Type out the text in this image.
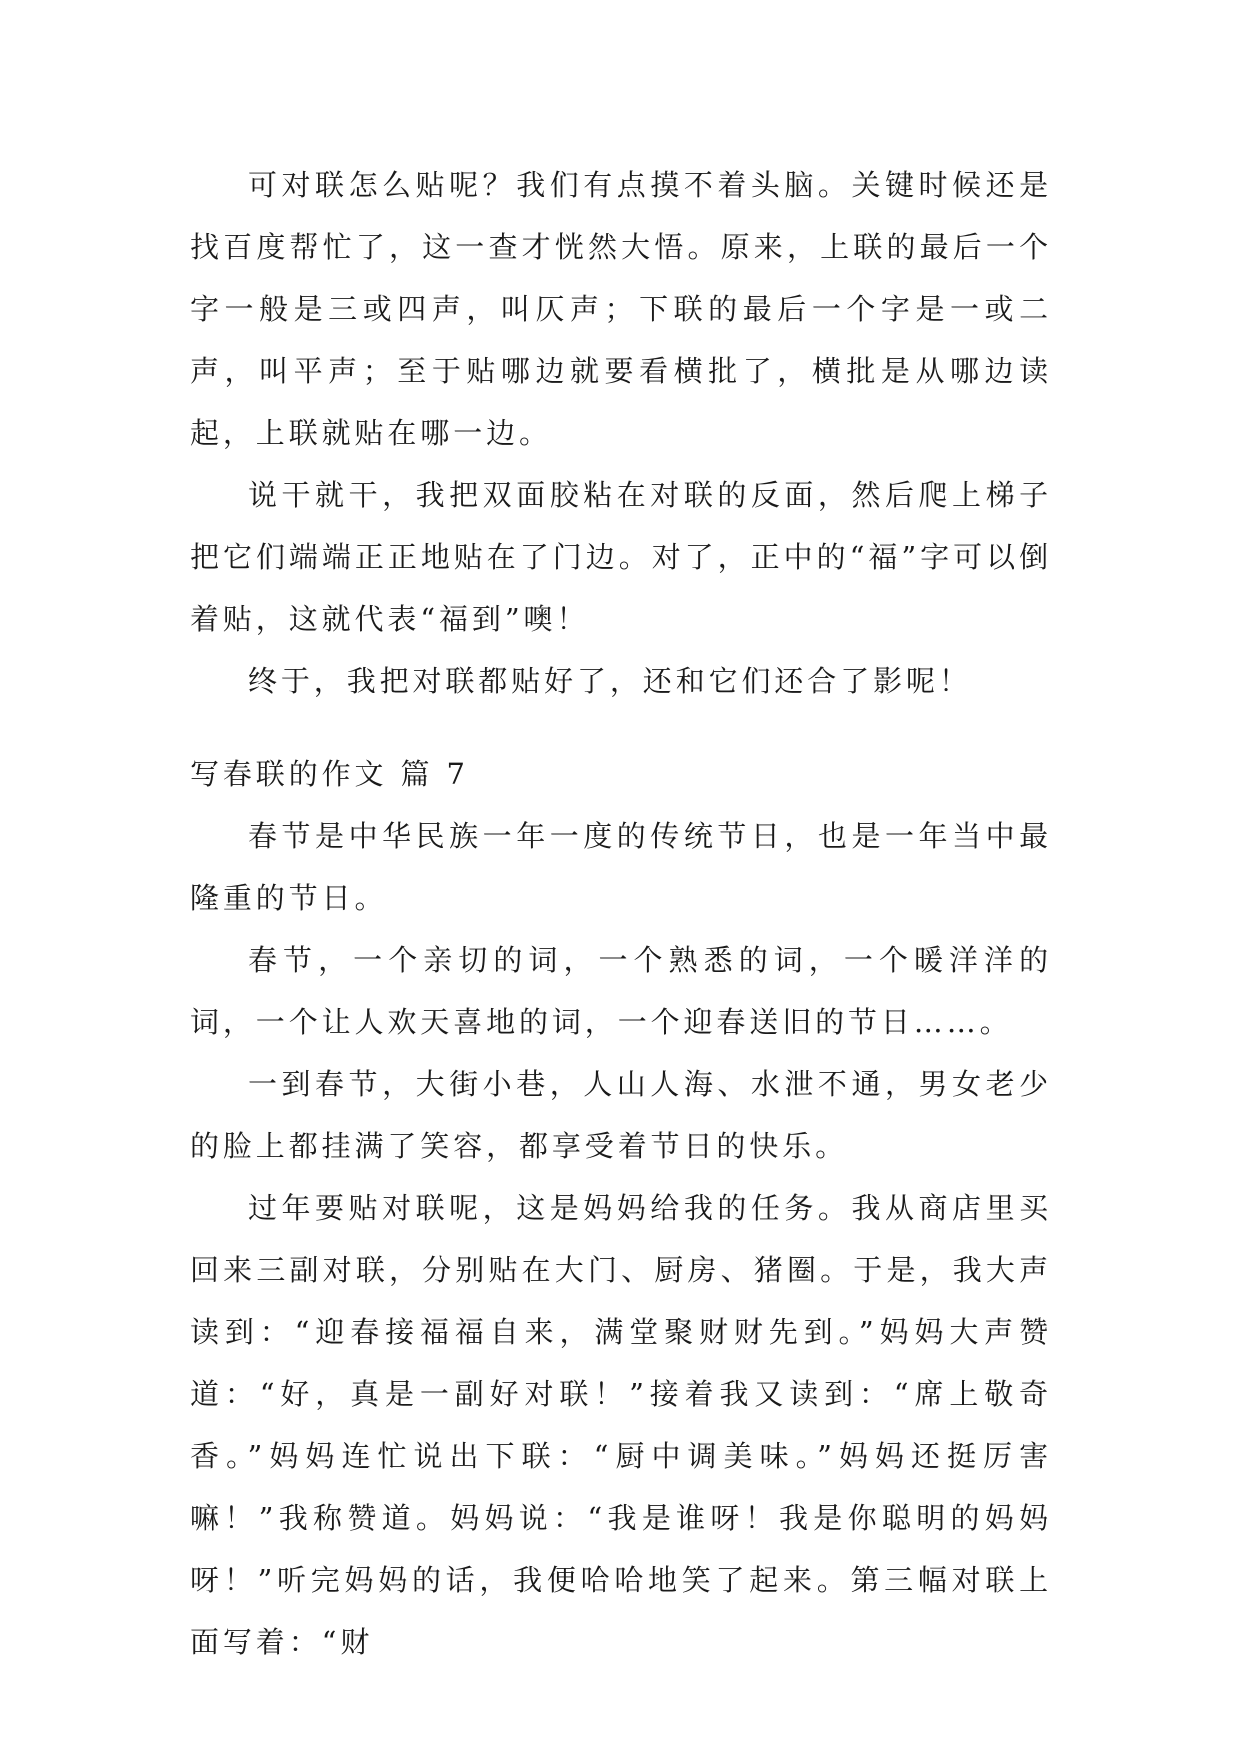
可对联怎么贴呢？我们有点摸不着头脑。关键时候还是找百度帮忙了，这一查才恍然大悟。原来，上联的最后一个字一般是三或四声，叫仄声；下联的最后一个字是一或二声，叫平声；至于贴哪边就要看横批了，横批是从哪边读起，上联就贴在哪一边。

说干就干，我把双面胶粘在对联的反面，然后爬上梯子把它们端端正正地贴在了门边。对了，正中的“福”字可以倒着贴，这就代表“福到”噢！

终于，我把对联都贴好了，还和它们还合了影呢！

写春联的作文 篇 7

春节是中华民族一年一度的传统节日，也是一年当中最隆重的节日。

春节，一个亲切的词，一个熟悉的词，一个暖洋洋的词，一个让人欢天喜地的词，一个迎春送旧的节日……。

一到春节，大街小巷，人山人海、水泄不通，男女老少的脸上都挂满了笑容，都享受着节日的快乐。

过年要贴对联呢，这是妈妈给我的任务。我从商店里买回来三副对联，分别贴在大门、厨房、猪圈。于是，我大声读到：“迎春接福福自来，满堂聚财财先到。”妈妈大声赞道：“好，真是一副好对联！”接着我又读到：“席上敬奇香。”妈妈连忙说出下联：“厨中调美味。”妈妈还挺厉害嘛！”我称赞道。妈妈说：“我是谁呀！我是你聪明的妈妈呀！”听完妈妈的话，我便哈哈地笑了起来。第三幅对联上面写着：“财
